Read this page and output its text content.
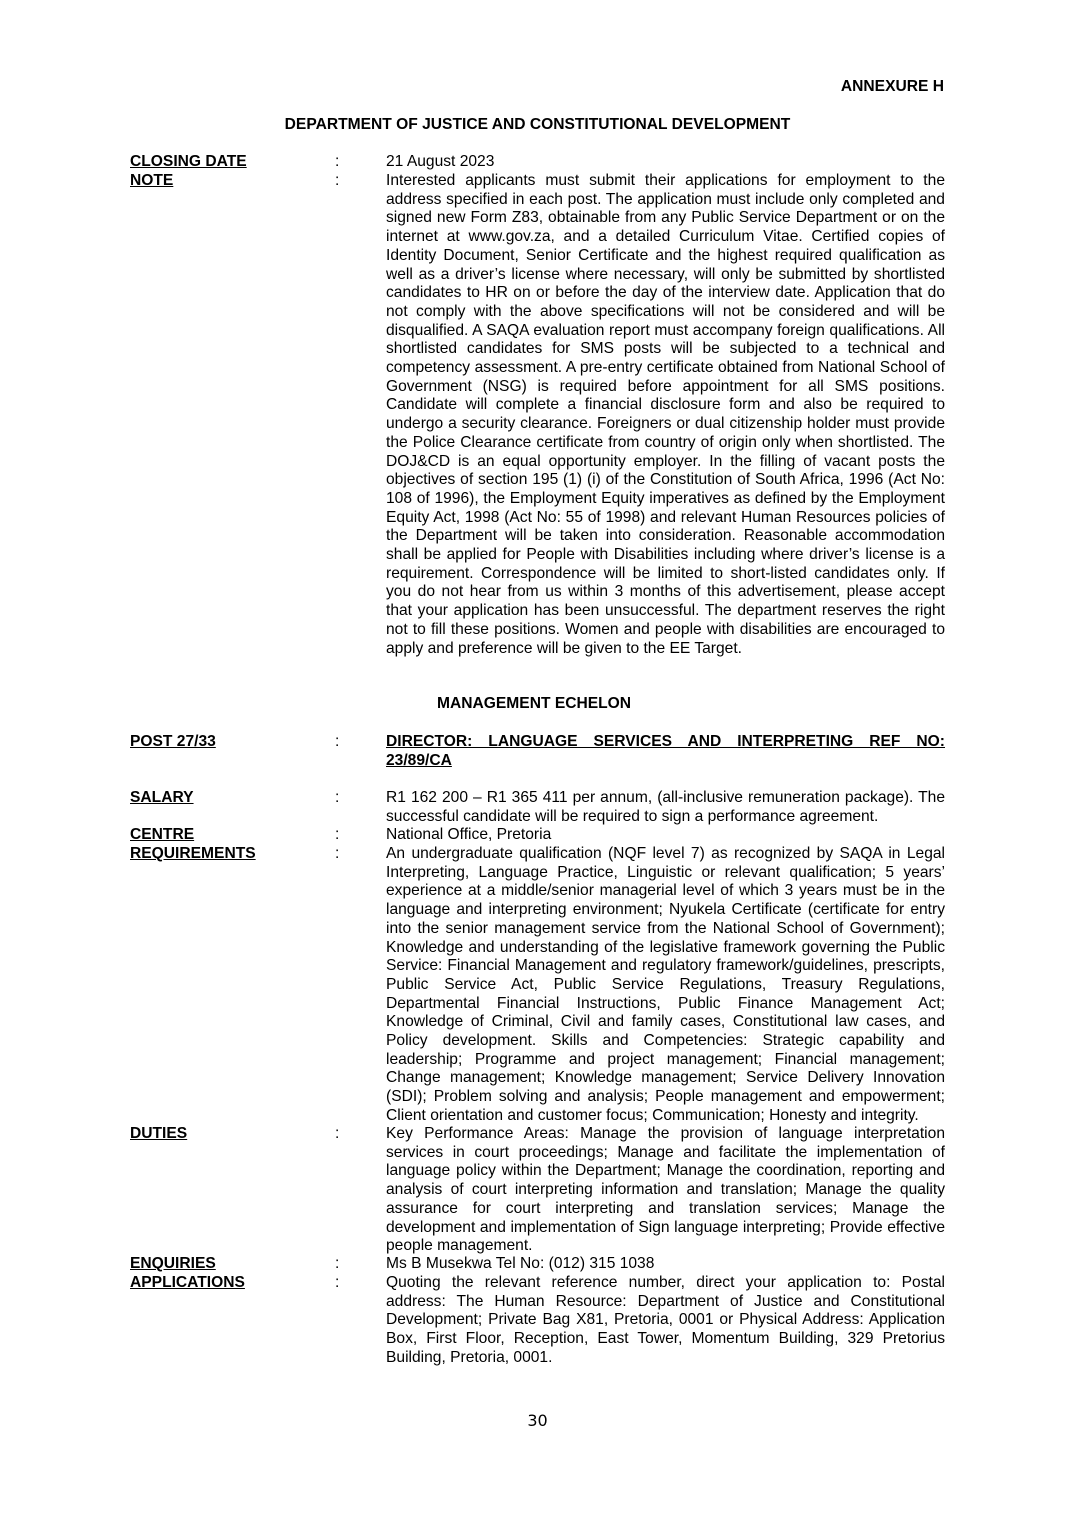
ANNEXURE H

DEPARTMENT OF JUSTICE AND CONSTITUTIONAL DEVELOPMENT

CLOSING DATE	:	21 August 2023
NOTE	:	Interested applicants must submit their applications for employment to the address specified in each post. The application must include only completed and signed new Form Z83, obtainable from any Public Service Department or on the internet at www.gov.za, and a detailed Curriculum Vitae. Certified copies of Identity Document, Senior Certificate and the highest required qualification as well as a driver’s license where necessary, will only be submitted by shortlisted candidates to HR on or before the day of the interview date. Application that do not comply with the above specifications will not be considered and will be disqualified. A SAQA evaluation report must accompany foreign qualifications. All shortlisted candidates for SMS posts will be subjected to a technical and competency assessment. A pre-entry certificate obtained from National School of Government (NSG) is required before appointment for all SMS positions. Candidate will complete a financial disclosure form and also be required to undergo a security clearance. Foreigners or dual citizenship holder must provide the Police Clearance certificate from country of origin only when shortlisted. The DOJ&CD is an equal opportunity employer. In the filling of vacant posts the objectives of section 195 (1) (i) of the Constitution of South Africa, 1996 (Act No: 108 of 1996), the Employment Equity imperatives as defined by the Employment Equity Act, 1998 (Act No: 55 of 1998) and relevant Human Resources policies of the Department will be taken into consideration. Reasonable accommodation shall be applied for People with Disabilities including where driver’s license is a requirement. Correspondence will be limited to short-listed candidates only. If you do not hear from us within 3 months of this advertisement, please accept that your application has been unsuccessful. The department reserves the right not to fill these positions. Women and people with disabilities are encouraged to apply and preference will be given to the EE Target.

MANAGEMENT ECHELON

POST 27/33	:	DIRECTOR: LANGUAGE SERVICES AND INTERPRETING REF NO: 23/89/CA
SALARY	:	R1 162 200 – R1 365 411 per annum, (all-inclusive remuneration package). The successful candidate will be required to sign a performance agreement.
CENTRE	:	National Office, Pretoria
REQUIREMENTS	:	An undergraduate qualification (NQF level 7) as recognized by SAQA in Legal Interpreting, Language Practice, Linguistic or relevant qualification; 5 years’ experience at a middle/senior managerial level of which 3 years must be in the language and interpreting environment; Nyukela Certificate (certificate for entry into the senior management service from the National School of Government); Knowledge and understanding of the legislative framework governing the Public Service: Financial Management and regulatory framework/guidelines, prescripts, Public Service Act, Public Service Regulations, Treasury Regulations, Departmental Financial Instructions, Public Finance Management Act; Knowledge of Criminal, Civil and family cases, Constitutional law cases, and Policy development. Skills and Competencies: Strategic capability and leadership; Programme and project management; Financial management; Change management; Knowledge management; Service Delivery Innovation (SDI); Problem solving and analysis; People management and empowerment; Client orientation and customer focus; Communication; Honesty and integrity.
DUTIES	:	Key Performance Areas: Manage the provision of language interpretation services in court proceedings; Manage and facilitate the implementation of language policy within the Department; Manage the coordination, reporting and analysis of court interpreting information and translation; Manage the quality assurance for court interpreting and translation services; Manage the development and implementation of Sign language interpreting; Provide effective people management.
ENQUIRIES	:	Ms B Musekwa Tel No: (012) 315 1038
APPLICATIONS	:	Quoting the relevant reference number, direct your application to: Postal address: The Human Resource: Department of Justice and Constitutional Development; Private Bag X81, Pretoria, 0001 or Physical Address: Application Box, First Floor, Reception, East Tower, Momentum Building, 329 Pretorius Building, Pretoria, 0001.
30
